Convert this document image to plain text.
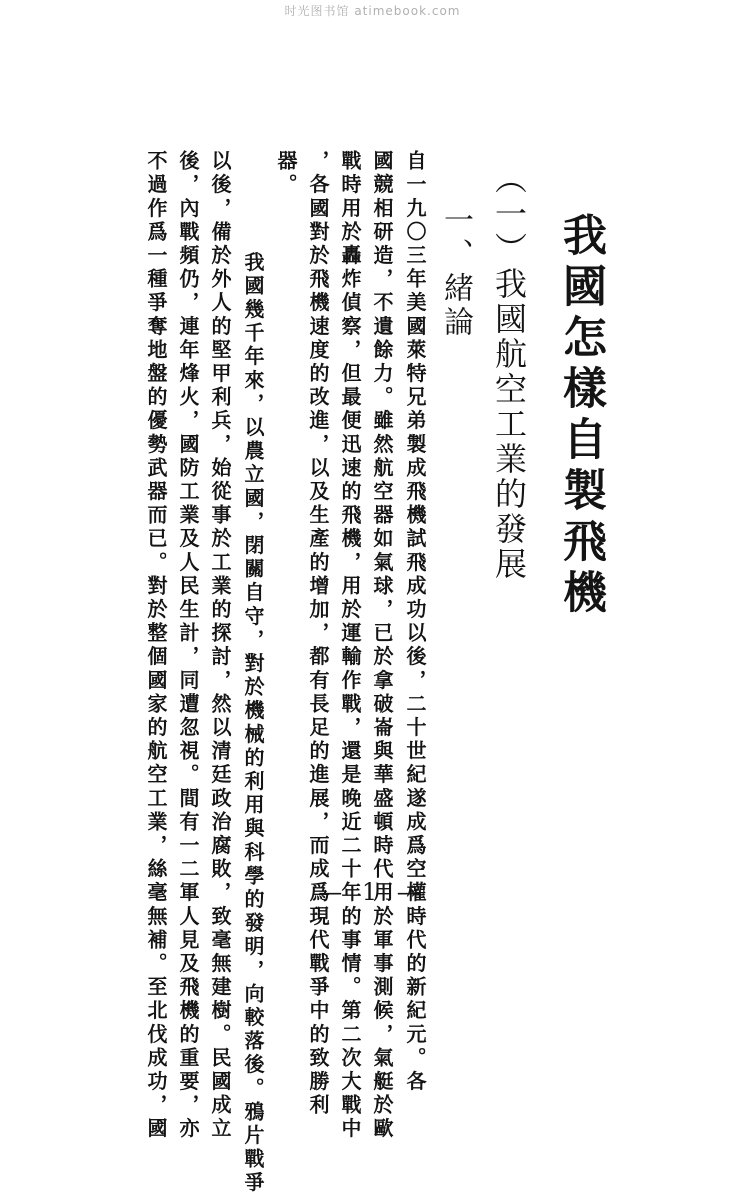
时光图书馆 atimebook.com
我國怎樣自製飛機
（一）我國航空工業的發展
一、緒論
自一九〇三年美國萊特兄弟製成飛機試飛成功以後，二十世紀遂成爲空權時代的新紀元。各
國競相研造，不遺餘力。雖然航空器如氣球，已於拿破崙與華盛頓時代用於軍事測候，氣艇於歐
戰時用於轟炸偵察，但最便迅速的飛機，用於運輸作戰，還是晚近二十年的事情。第二次大戰中
，各國對於飛機速度的改進，以及生產的增加，都有長足的進展，而成爲現代戰爭中的致勝利
器。
　　我國幾千年來，以農立國，閉關自守，對於機械的利用與科學的發明，向較落後。鴉片戰爭
以後，備於外人的堅甲利兵，始從事於工業的探討，然以清廷政治腐敗，致毫無建樹。民國成立
後，內戰頻仍，連年烽火，國防工業及人民生計，同遭忽視。間有一二軍人見及飛機的重要，亦
不過作爲一種爭奪地盤的優勢武器而已。對於整個國家的航空工業，絲毫無補。至北伐成功，國	— 1 —
